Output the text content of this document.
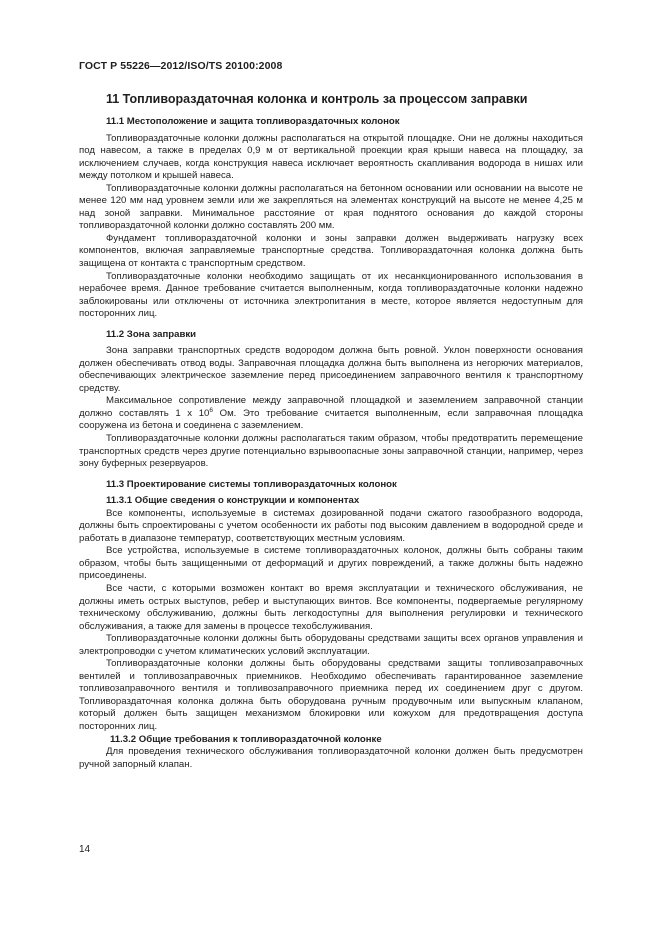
ГОСТ Р 55226—2012/ISO/TS 20100:2008
11 Топливораздаточная колонка и контроль за процессом заправки
11.1 Местоположение и защита топливораздаточных колонок

Топливораздаточные колонки должны располагаться на открытой площадке. Они не должны находиться под навесом, а также в пределах 0,9 м от вертикальной проекции края крыши навеса на площадку, за исключением случаев, когда конструкция навеса исключает вероятность скапливания водорода в нишах или между потолком и крышей навеса.

Топливораздаточные колонки должны располагаться на бетонном основании или основании на высоте не менее 120 мм над уровнем земли или же закрепляться на элементах конструкций на высоте не менее 4,25 м над зоной заправки. Минимальное расстояние от края поднятого основания до каждой стороны топливораздаточной колонки должно составлять 200 мм.

Фундамент топливораздаточной колонки и зоны заправки должен выдерживать нагрузку всех компонентов, включая заправляемые транспортные средства. Топливораздаточная колонка должна быть защищена от контакта с транспортным средством.

Топливораздаточные колонки необходимо защищать от их несанкционированного использования в нерабочее время. Данное требование считается выполненным, когда топливораздаточные колонки надежно заблокированы или отключены от источника электропитания в месте, которое является недоступным для посторонних лиц.

11.2 Зона заправки

Зона заправки транспортных средств водородом должна быть ровной. Уклон поверхности основания должен обеспечивать отвод воды. Заправочная площадка должна быть выполнена из негорючих материалов, обеспечивающих электрическое заземление перед присоединением заправочного вентиля к транспортному средству.

Максимальное сопротивление между заправочной площадкой и заземлением заправочной станции должно составлять 1 х $10^6$ Ом. Это требование считается выполненным, если заправочная площадка сооружена из бетона и соединена с заземлением.

Топливораздаточные колонки должны располагаться таким образом, чтобы предотвратить перемещение транспортных средств через другие потенциально взрывоопасные зоны заправочной станции, например, через зону буферных резервуаров.

11.3 Проектирование системы топливораздаточных колонок
11.3.1 Общие сведения о конструкции и компонентах

Все компоненты, используемые в системах дозированной подачи сжатого газообразного водорода, должны быть спроектированы с учетом особенности их работы под высоким давлением в водородной среде и работать в диапазоне температур, соответствующих местным условиям.

Все устройства, используемые в системе топливораздаточных колонок, должны быть собраны таким образом, чтобы быть защищенными от деформаций и других повреждений, а также должны быть надежно присоединены.

Все части, с которыми возможен контакт во время эксплуатации и технического обслуживания, не должны иметь острых выступов, ребер и выступающих винтов. Все компоненты, подвергаемые регулярному техническому обслуживанию, должны быть легкодоступны для выполнения регулировки и технического обслуживания, а также для замены в процессе техобслуживания.

Топливораздаточные колонки должны быть оборудованы средствами защиты всех органов управления и электропроводки с учетом климатических условий эксплуатации.

Топливораздаточные колонки должны быть оборудованы средствами защиты топливозаправочных вентилей и топливозаправочных приемников. Необходимо обеспечивать гарантированное заземление топливозаправочного вентиля и топливозаправочного приемника перед их соединением друг с другом. Топливораздаточная колонка должна быть оборудована ручным продувочным или выпускным клапаном, который должен быть защищен механизмом блокировки или кожухом для предотвращения доступа посторонних лиц.

11.3.2 Общие требования к топливораздаточной колонке

Для проведения технического обслуживания топливораздаточной колонки должен быть предусмотрен ручной запорный клапан.

14
